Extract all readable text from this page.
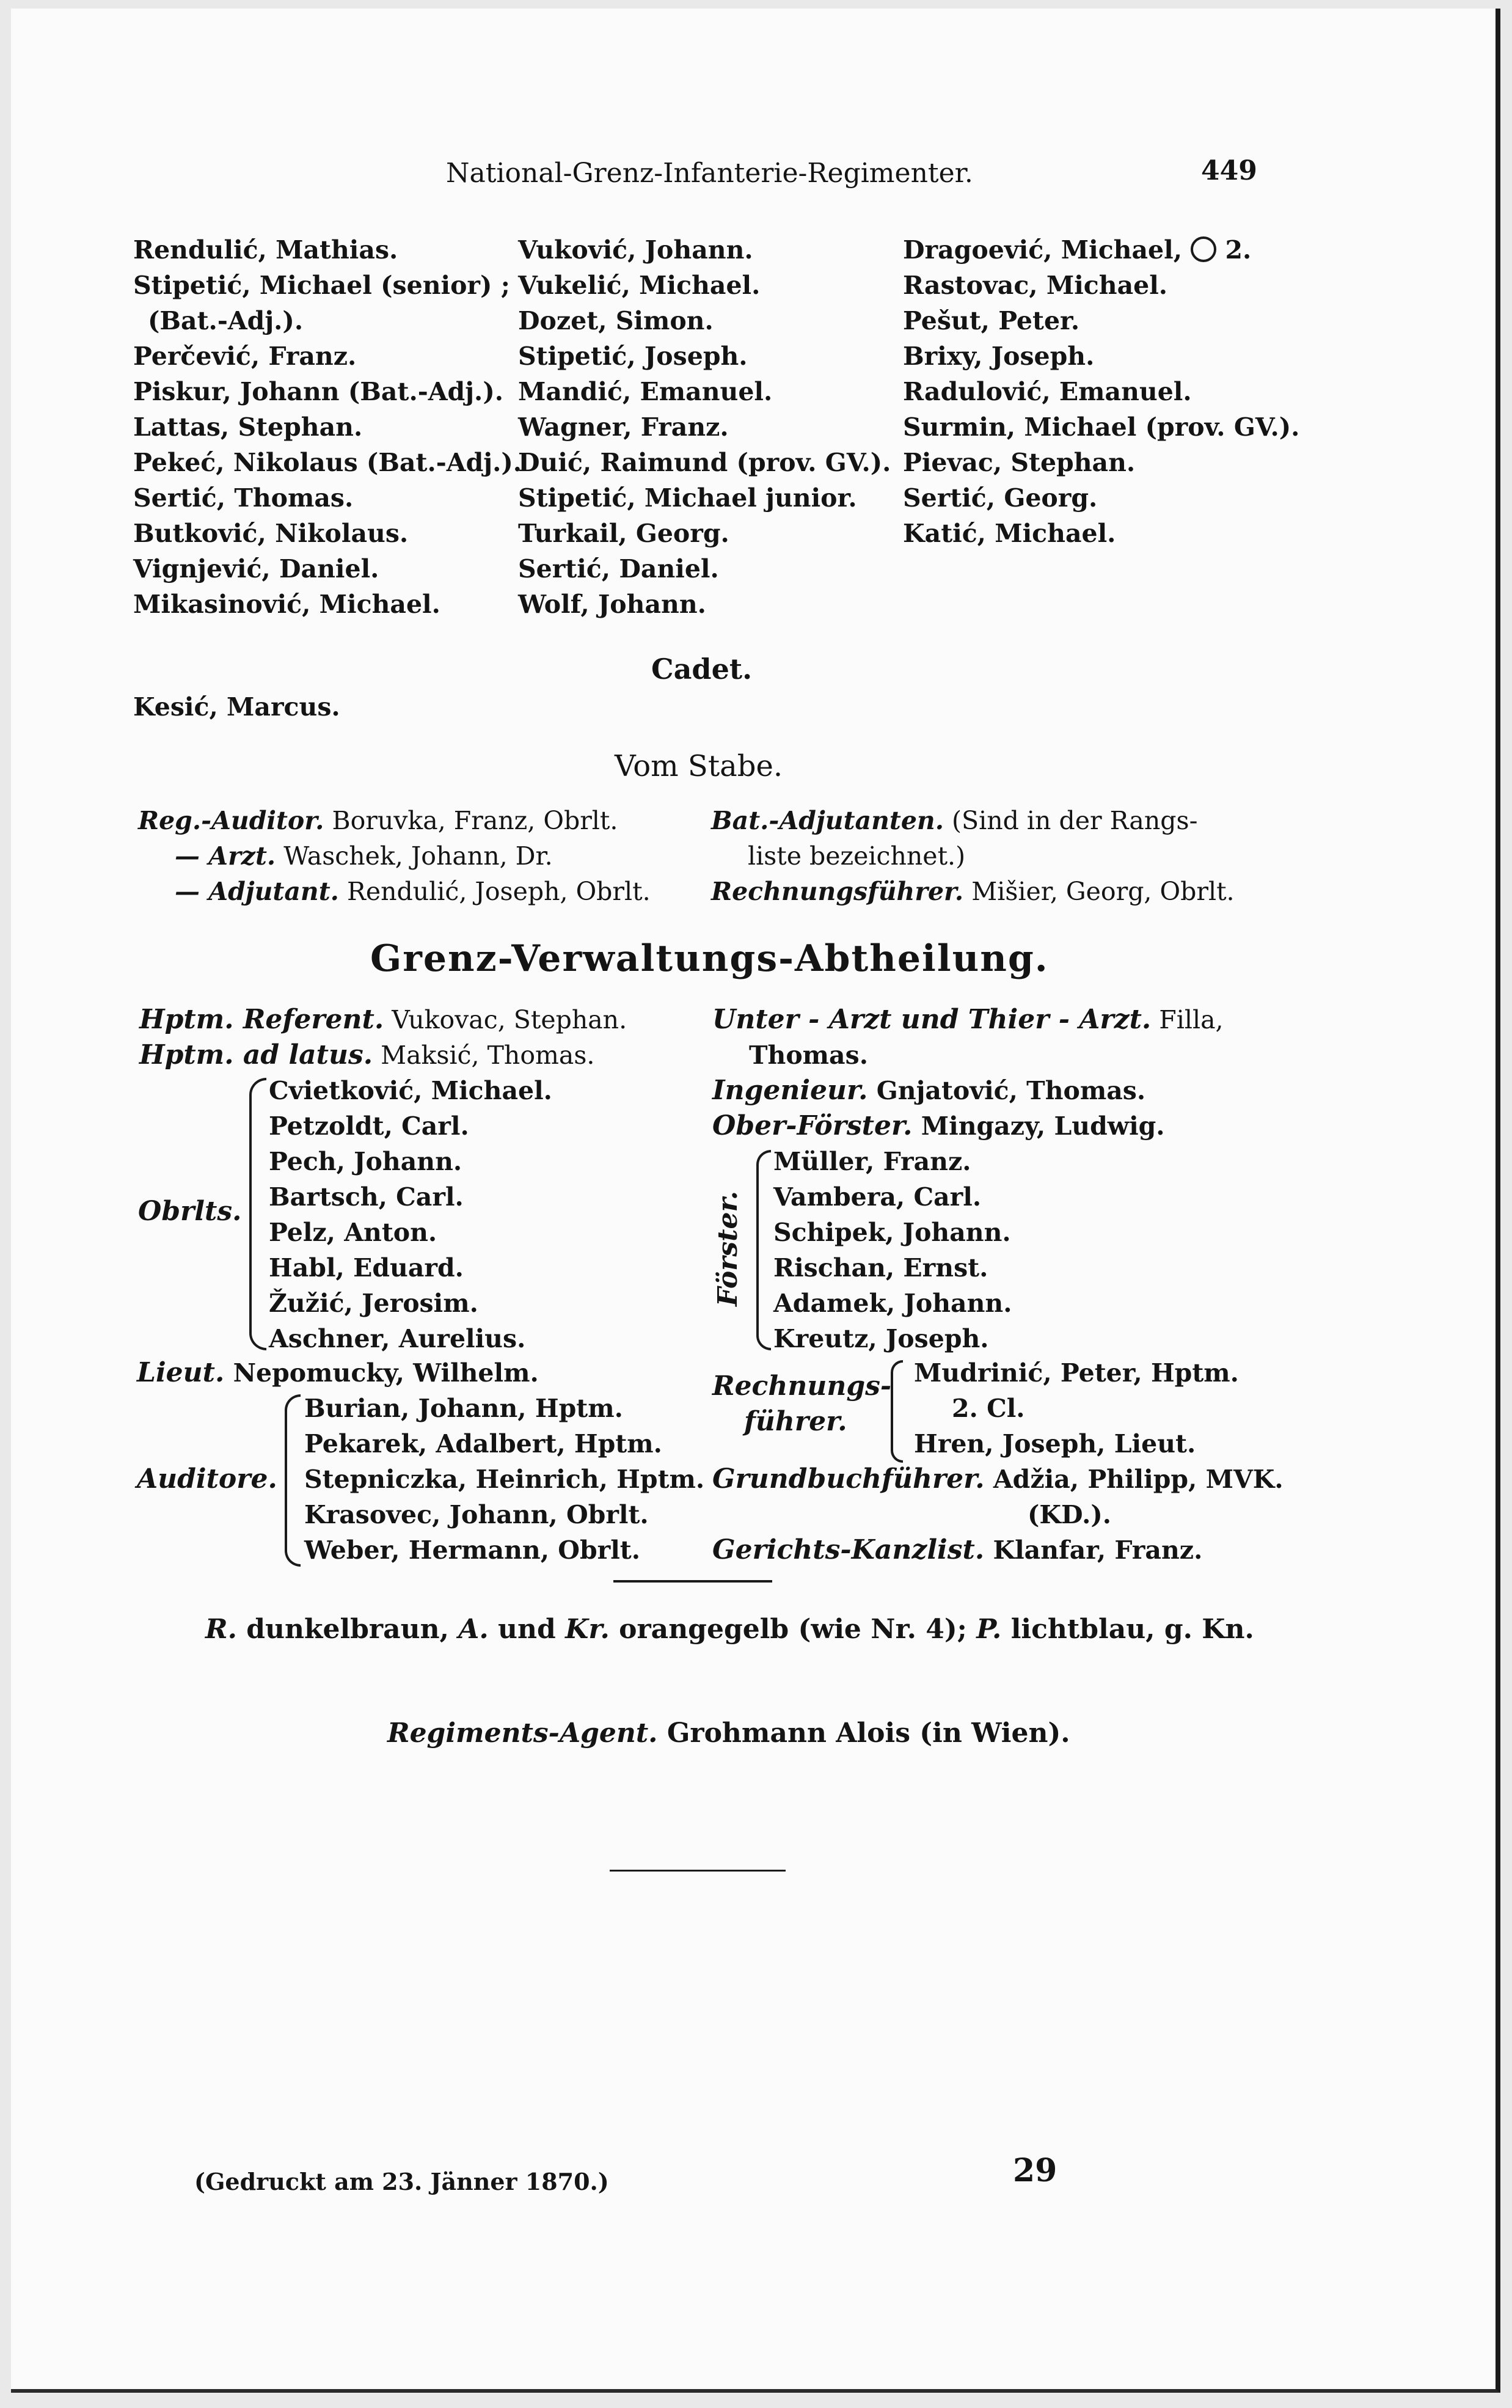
National-Grenz-Infanterie-Regimenter.	449
Rendulić, Mathias.
Stipetić, Michael (senior) ;
(Bat.-Adj.).
Perčević, Franz.
Piskur, Johann (Bat.-Adj.).
Lattas, Stephan.
Pekeć, Nikolaus (Bat.-Adj.).
Sertić, Thomas.
Butković, Nikolaus.
Vignjević, Daniel.
Mikasinović, Michael.
Vuković, Johann.
Vukelić, Michael.
Dozet, Simon.
Stipetić, Joseph.
Mandić, Emanuel.
Wagner, Franz.
Duić, Raimund (prov. GV.).
Stipetić, Michael junior.
Turkail, Georg.
Sertić, Daniel.
Wolf, Johann.
Dragoević, Michael, 2.
Rastovac, Michael.
Pešut, Peter.
Brixy, Joseph.
Radulović, Emanuel.
Surmin, Michael (prov. GV.).
Pievac, Stephan.
Sertić, Georg.
Katić, Michael.
Cadet.
Kesić, Marcus.
Vom Stabe.
Reg.-Auditor. Boruvka, Franz, Obrlt.
— Arzt. Waschek, Johann, Dr.
— Adjutant. Rendulić, Joseph, Obrlt.
Bat.-Adjutanten. (Sind in der Rangs-
liste bezeichnet.)
Rechnungsführer. Mišier, Georg, Obrlt.
Grenz-Verwaltungs-Abtheilung.
Hptm. Referent. Vukovac, Stephan.
Hptm. ad latus. Maksić, Thomas.
Obrlts.
Cvietković, Michael.
Petzoldt, Carl.
Pech, Johann.
Bartsch, Carl.
Pelz, Anton.
Habl, Eduard.
Žužić, Jerosim.
Aschner, Aurelius.
Lieut. Nepomucky, Wilhelm.
Auditore.
Burian, Johann, Hptm.
Pekarek, Adalbert, Hptm.
Stepniczka, Heinrich, Hptm.
Krasovec, Johann, Obrlt.
Weber, Hermann, Obrlt.
Unter - Arzt und Thier - Arzt. Filla,
Thomas.
Ingenieur. Gnjatović, Thomas.
Ober-Förster. Mingazy, Ludwig.
Förster.
Müller, Franz.
Vambera, Carl.
Schipek, Johann.
Rischan, Ernst.
Adamek, Johann.
Kreutz, Joseph.
Rechnungs-
führer.
Mudrinić, Peter, Hptm.
2. Cl.
Hren, Joseph, Lieut.
Grundbuchführer. Adžia, Philipp, MVK.
(KD.).
Gerichts-Kanzlist. Klanfar, Franz.
R. dunkelbraun, A. und Kr. orangegelb (wie Nr. 4); P. lichtblau, g. Kn.
Regiments-Agent. Grohmann Alois (in Wien).
(Gedruckt am 23. Jänner 1870.)	29
